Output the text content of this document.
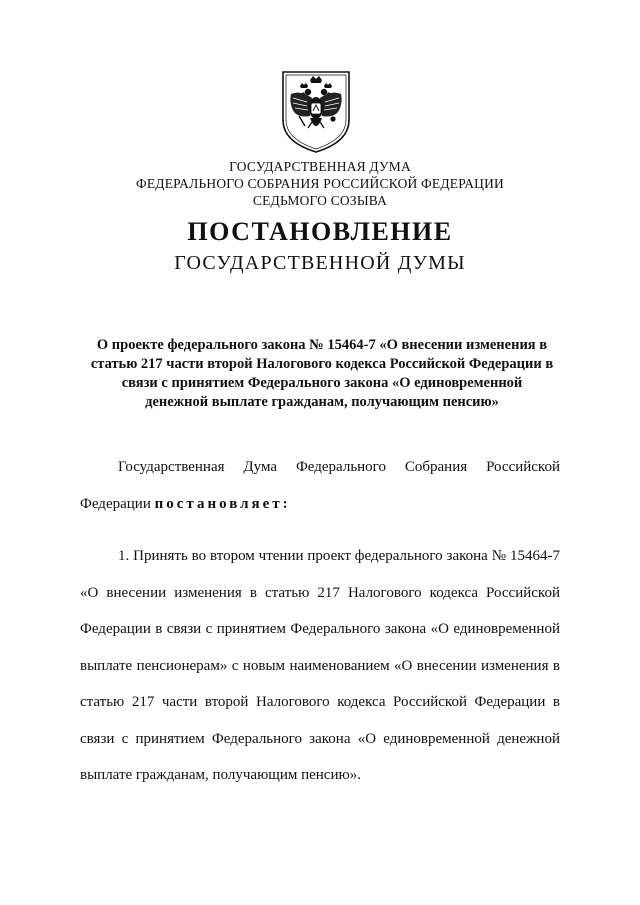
ГОСУДАРСТВЕННАЯ ДУМА
ФЕДЕРАЛЬНОГО СОБРАНИЯ РОССИЙСКОЙ ФЕДЕРАЦИИ
СЕДЬМОГО СОЗЫВА
ПОСТАНОВЛЕНИЕ
ГОСУДАРСТВЕННОЙ ДУМЫ
О проекте федерального закона № 15464-7 «О внесении изменения в
статью 217 части второй Налогового кодекса Российской Федерации в
связи с принятием Федерального закона «О единовременной
денежной выплате гражданам, получающим пенсию»
Государственная Дума Федерального Собрания Российской
Федерации постановляет:
1. Принять во втором чтении проект федерального закона № 15464-7
«О внесении изменения в статью 217 Налогового кодекса Российской
Федерации в связи с принятием Федерального закона «О единовременной
выплате пенсионерам» с новым наименованием «О внесении изменения в
статью 217 части второй Налогового кодекса Российской Федерации в
связи с принятием Федерального закона «О единовременной денежной
выплате гражданам, получающим пенсию».
